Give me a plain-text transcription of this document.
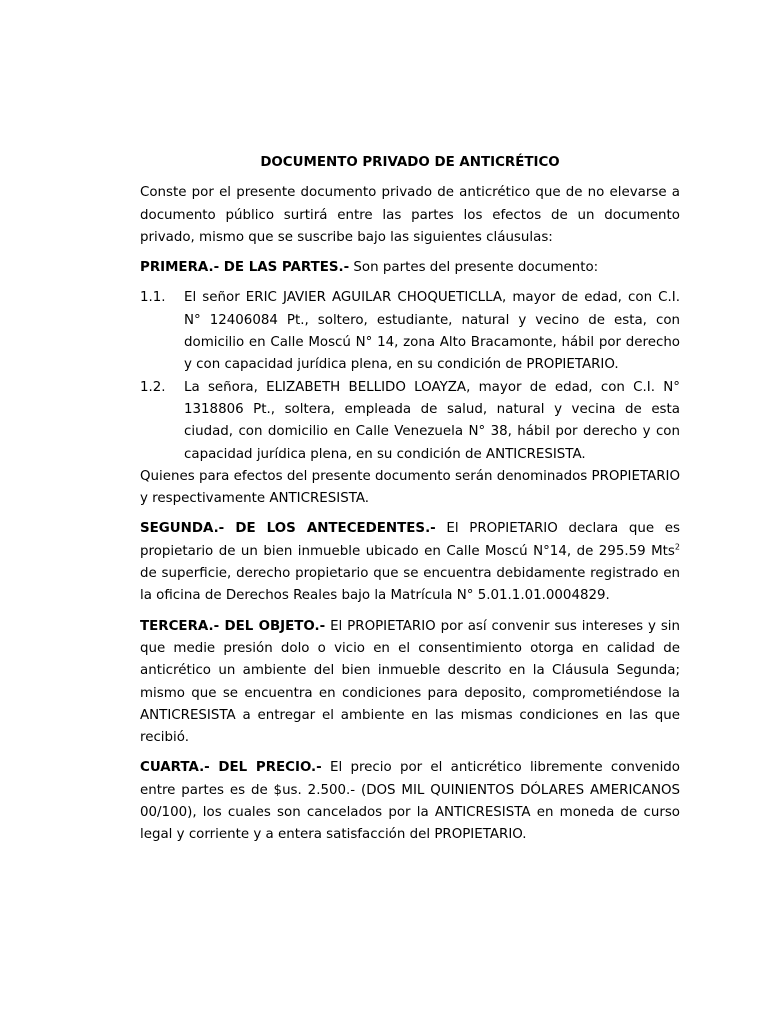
DOCUMENTO PRIVADO DE ANTICRÉTICO

Conste por el presente documento privado de anticrético que de no elevarse a documento público surtirá entre las partes los efectos de un documento privado, mismo que se suscribe bajo las siguientes cláusulas:

PRIMERA.- DE LAS PARTES.- Son partes del presente documento:

1.1. El señor ERIC JAVIER AGUILAR CHOQUETICLLA, mayor de edad, con C.I. N° 12406084 Pt., soltero, estudiante, natural y vecino de esta, con domicilio en Calle Moscú N° 14, zona Alto Bracamonte, hábil por derecho y con capacidad jurídica plena, en su condición de PROPIETARIO.
1.2. La señora, ELIZABETH BELLIDO LOAYZA, mayor de edad, con C.I. N° 1318806 Pt., soltera, empleada de salud, natural y vecina de esta ciudad, con domicilio en Calle Venezuela N° 38, hábil por derecho y con capacidad jurídica plena, en su condición de ANTICRESISTA.

Quienes para efectos del presente documento serán denominados PROPIETARIO y respectivamente ANTICRESISTA.

SEGUNDA.- DE LOS ANTECEDENTES.- El PROPIETARIO declara que es propietario de un bien inmueble ubicado en Calle Moscú N°14, de 295.59 Mts$^2$ de superficie, derecho propietario que se encuentra debidamente registrado en la oficina de Derechos Reales bajo la Matrícula N° 5.01.1.01.0004829.

TERCERA.- DEL OBJETO.- El PROPIETARIO por así convenir sus intereses y sin que medie presión dolo o vicio en el consentimiento otorga en calidad de anticrético un ambiente del bien inmueble descrito en la Cláusula Segunda; mismo que se encuentra en condiciones para deposito, comprometiéndose la ANTICRESISTA a entregar el ambiente en las mismas condiciones en las que recibió.

CUARTA.- DEL PRECIO.- El precio por el anticrético libremente convenido entre partes es de $us. 2.500.- (DOS MIL QUINIENTOS DÓLARES AMERICANOS 00/100), los cuales son cancelados por la ANTICRESISTA en moneda de curso legal y corriente y a entera satisfacción del PROPIETARIO.
